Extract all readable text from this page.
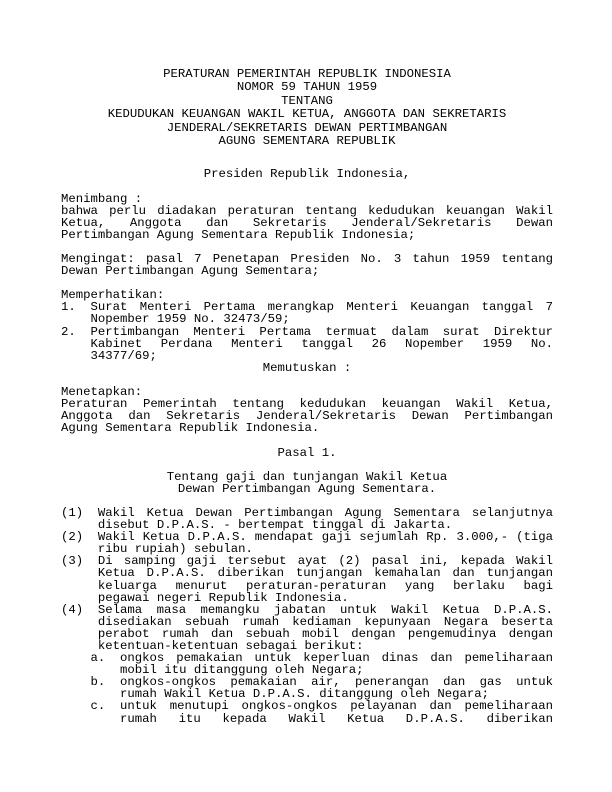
PERATURAN PEMERINTAH REPUBLIK INDONESIA
NOMOR 59 TAHUN 1959
TENTANG
KEDUDUKAN KEUANGAN WAKIL KETUA, ANGGOTA DAN SEKRETARIS
JENDERAL/SEKRETARIS DEWAN PERTIMBANGAN
AGUNG SEMENTARA REPUBLIK
Presiden Republik Indonesia,
Menimbang :
bahwa perlu diadakan peraturan tentang kedudukan keuangan Wakil
Ketua, Anggota dan Sekretaris Jenderal/Sekretaris Dewan
Pertimbangan Agung Sementara Republik Indonesia;
Mengingat: pasal 7 Penetapan Presiden No. 3 tahun 1959 tentang
Dewan Pertimbangan Agung Sementara;
Memperhatikan:
1. Surat Menteri Pertama merangkap Menteri Keuangan tanggal 7
Nopember 1959 No. 32473/59;
2. Pertimbangan Menteri Pertama termuat dalam surat Direktur
Kabinet Perdana Menteri tanggal 26 Nopember 1959 No.
34377/69;
Memutuskan :
Menetapkan:
Peraturan Pemerintah tentang kedudukan keuangan Wakil Ketua,
Anggota dan Sekretaris Jenderal/Sekretaris Dewan Pertimbangan
Agung Sementara Republik Indonesia.
Pasal 1.
Tentang gaji dan tunjangan Wakil Ketua
Dewan Pertimbangan Agung Sementara.
(1) Wakil Ketua Dewan Pertimbangan Agung Sementara selanjutnya
disebut D.P.A.S. - bertempat tinggal di Jakarta.
(2) Wakil Ketua D.P.A.S. mendapat gaji sejumlah Rp. 3.000,- (tiga
ribu rupiah) sebulan.
(3) Di samping gaji tersebut ayat (2) pasal ini, kepada Wakil
Ketua D.P.A.S. diberikan tunjangan kemahalan dan tunjangan
keluarga menurut peraturan-peraturan yang berlaku bagi
pegawai negeri Republik Indonesia.
(4) Selama masa memangku jabatan untuk Wakil Ketua D.P.A.S.
disediakan sebuah rumah kediaman kepunyaan Negara beserta
perabot rumah dan sebuah mobil dengan pengemudinya dengan
ketentuan-ketentuan sebagai berikut:
a. ongkos pemakaian untuk keperluan dinas dan pemeliharaan
mobil itu ditanggung oleh Negara;
b. ongkos-ongkos pemakaian air, penerangan dan gas untuk
rumah Wakil Ketua D.P.A.S. ditanggung oleh Negara;
c. untuk menutupi ongkos-ongkos pelayanan dan pemeliharaan
rumah itu kepada Wakil Ketua D.P.A.S. diberikan
